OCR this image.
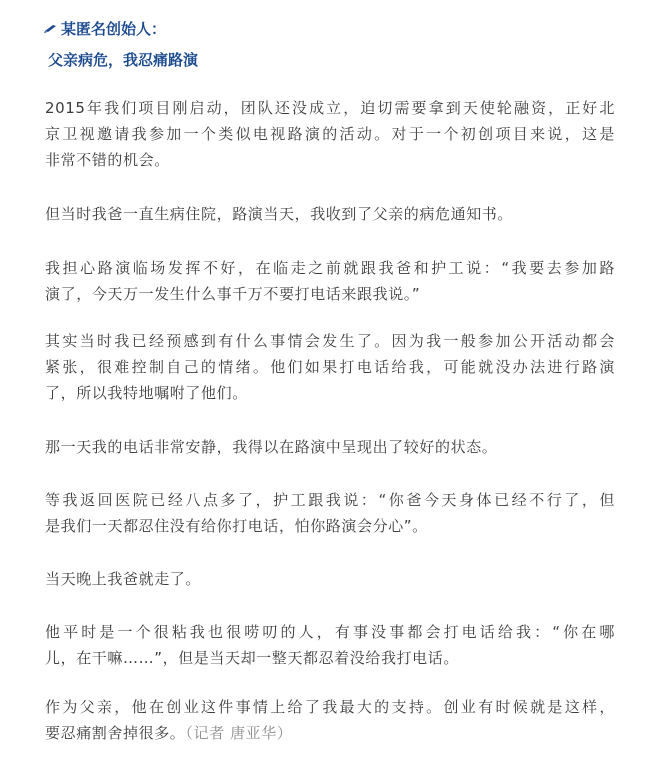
某匿名创始人：
父亲病危，我忍痛路演

2015年我们项目刚启动，团队还没成立，迫切需要拿到天使轮融资，正好北
京卫视邀请我参加一个类似电视路演的活动。对于一个初创项目来说，这是
非常不错的机会。

但当时我爸一直生病住院，路演当天，我收到了父亲的病危通知书。

我担心路演临场发挥不好，在临走之前就跟我爸和护工说：“我要去参加路
演了，今天万一发生什么事千万不要打电话来跟我说。”

其实当时我已经预感到有什么事情会发生了。因为我一般参加公开活动都会
紧张，很难控制自己的情绪。他们如果打电话给我，可能就没办法进行路演
了，所以我特地嘱咐了他们。

那一天我的电话非常安静，我得以在路演中呈现出了较好的状态。

等我返回医院已经八点多了，护工跟我说：“你爸今天身体已经不行了，但
是我们一天都忍住没有给你打电话，怕你路演会分心”。

当天晚上我爸就走了。

他平时是一个很粘我也很唠叨的人，有事没事都会打电话给我：“你在哪
儿，在干嘛……”，但是当天却一整天都忍着没给我打电话。

作为父亲，他在创业这件事情上给了我最大的支持。创业有时候就是这样，
要忍痛割舍掉很多。（记者 唐亚华）
